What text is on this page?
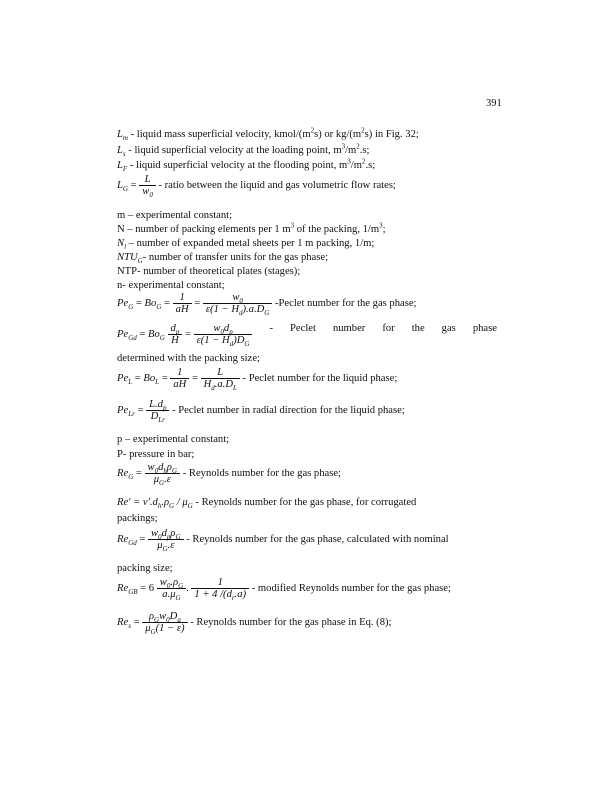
391
$L_m$ - liquid mass superficial velocity, kmol/$(m^2s)$ or $kg/(m^2s)$ in Fig. 32;
$L_s$ - liquid superficial velocity at the loading point, $m^3/m^2.s$;
$L_F$ - liquid superficial velocity at the flooding point, $m^3/m^2.s$;
$L_G = \frac{L}{w_0}$ - ratio between the liquid and gas volumetric flow rates;
m – experimental constant;
N – number of packing elements per 1 $m^3$ of the packing, $1/m^3$;
$N_l$ – number of expanded metal sheets per 1 m packing, 1/m;
$NTU_G-$ number of transfer units for the gas phase;
NTP- number of theoretical plates (stages);
n- experimental constant;
$Pe_G = Bo_G = \frac{1}{aH} = \frac{w_0}{\varepsilon(1 - H_d).a.D_G}$ -Peclet number for the gas phase;
$Pe_{Gd} = Bo_G \frac{d_p}{H} = \frac{w_0d_p}{\varepsilon(1 - H_d)D_G}$ - Peclet number for the gas phase
determined with the packing size;
$Pe_L = Bo_L = \frac{1}{aH} = \frac{L}{H_d.a.D_L}$ - Peclet number for the liquid phase;
$Pe_{Lr} = \frac{L.d_p}{D_{Lr}}$ - Peclet number in radial direction for the liquid phase;
p – experimental constant;
P- pressure in bar;
$Re_G = \frac{w_0d_h\rho_G}{\mu_G.\varepsilon}$ - Reynolds number for the gas phase;
$Re' = v'.d_h.\rho_G / \mu_G$ - Reynolds number for the gas phase, for corrugated
packings;
$Re_{Gd} = \frac{w_0d_p\rho_G}{\mu_G.\varepsilon}$ - Reynolds number for the gas phase, calculated with nominal
packing size;
$Re_{GB} = 6 \frac{w_0.\rho_G}{a.\mu_G}$ . $\frac{1}{1 + 4 /(d_r.a)}$ - modified Reynolds number for the gas phase;
$Re_s = \frac{\rho_Gw_0D_a}{\mu_G(1 - \varepsilon)}$ - Reynolds number for the gas phase in Eq. (8);
